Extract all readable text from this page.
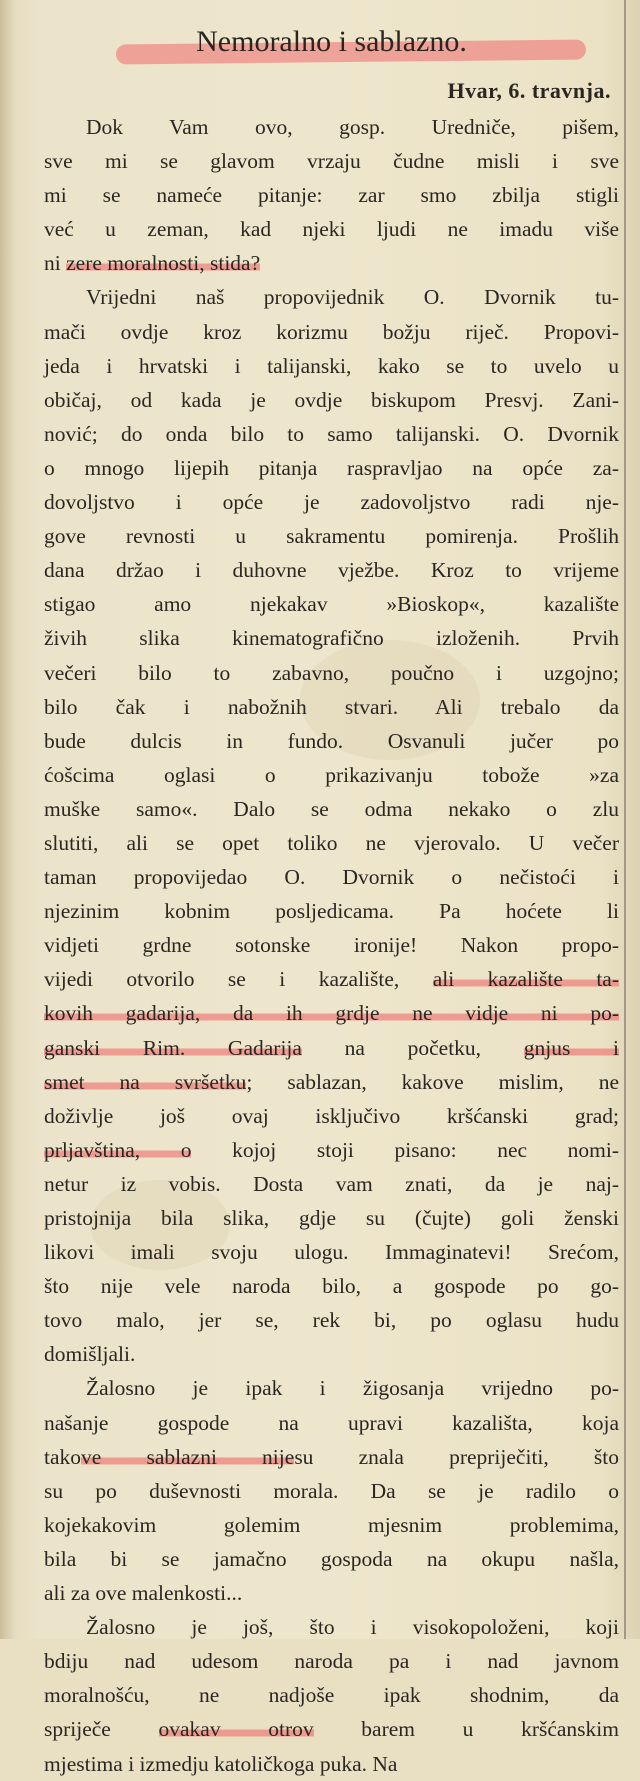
Nemoralno i sablazno.
Hvar, 6. travnja.
Dok Vam ovo, gosp. Uredniče, pišem,
sve mi se glavom vrzaju čudne misli i sve
mi se nameće pitanje: zar smo zbilja stigli
već u zeman, kad njeki ljudi ne imadu više
ni zere moralnosti, stida?
Vrijedni naš propovijednik O. Dvornik tu-
mači ovdje kroz korizmu božju riječ. Propovi-
jeda i hrvatski i talijanski, kako se to uvelo u
običaj, od kada je ovdje biskupom Presvj. Zani-
nović; do onda bilo to samo talijanski. O. Dvornik
o mnogo lijepih pitanja raspravljao na opće za-
dovoljstvo i opće je zadovoljstvo radi nje-
gove revnosti u sakramentu pomirenja. Prošlih
dana držao i duhovne vježbe. Kroz to vrijeme
stigao amo njekakav »Bioskop«, kazalište
živih slika kinematografično izloženih. Prvih
večeri bilo to zabavno, poučno i uzgojno;
bilo čak i nabožnih stvari. Ali trebalo da
bude dulcis in fundo. Osvanuli jučer po
ćošcima oglasi o prikazivanju tobože »za
muške samo«. Dalo se odma nekako o zlu
slutiti, ali se opet toliko ne vjerovalo. U večer
taman propovijedao O. Dvornik o nečistoći i
njezinim kobnim posljedicama. Pa hoćete li
vidjeti grdne sotonske ironije! Nakon propo-
vijedi otvorilo se i kazalište, ali kazalište ta-
kovih gadarija, da ih grdje ne vidje ni po-
ganski Rim. Gadarija na početku, gnjus i
smet na svršetku; sablazan, kakove mislim, ne
doživlje još ovaj isključivo kršćanski grad;
prljavština, o kojoj stoji pisano: nec nomi-
netur iz vobis. Dosta vam znati, da je naj-
pristojnija bila slika, gdje su (čujte) goli ženski
likovi imali svoju ulogu. Immaginatevi! Srećom,
što nije vele naroda bilo, a gospode po go-
tovo malo, jer se, rek bi, po oglasu hudu
domišljali.
Žalosno je ipak i žigosanja vrijedno po-
našanje gospode na upravi kazališta, koja
takove sablazni nijesu znala prepriječiti, što
su po duševnosti morala. Da se je radilo o
kojekakovim golemim mjesnim problemima,
bila bi se jamačno gospoda na okupu našla,
ali za ove malenkosti...
Žalosno je još, što i visokopoloženi, koji
bdiju nad udesom naroda pa i nad javnom
moralnošću, ne nadjoše ipak shodnim, da
spriječe ovakav otrov barem u kršćanskim
mjestima i izmedju katoličkoga puka. Na
